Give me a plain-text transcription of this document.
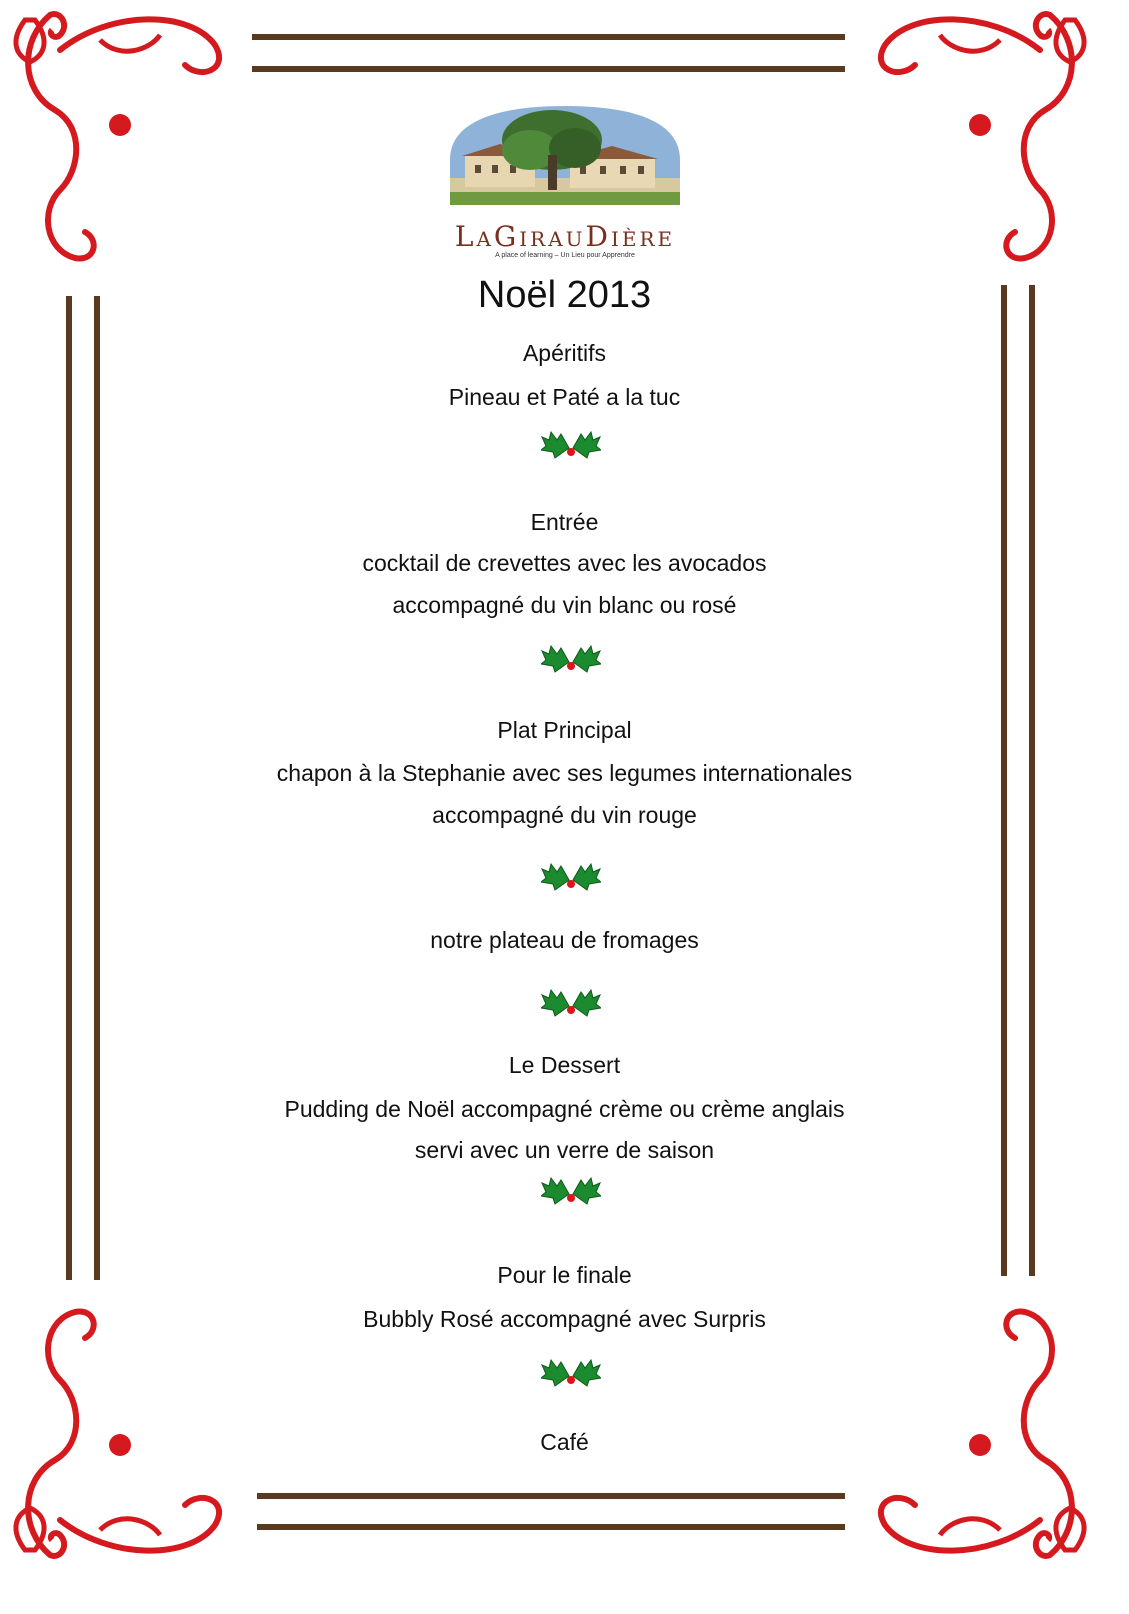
LaGirauDière
A place of learning – Un Lieu pour Apprendre
Noël 2013
Apéritifs
Pineau et Paté a la tuc
Entrée
cocktail de crevettes avec les avocados
accompagné du vin blanc ou rosé
Plat Principal
chapon à la Stephanie avec ses legumes internationales
accompagné du vin rouge
notre plateau de fromages
Le Dessert
Pudding de Noël accompagné crème ou crème anglais
servi avec un verre de saison
Pour le finale
Bubbly Rosé accompagné avec Surpris
Café
